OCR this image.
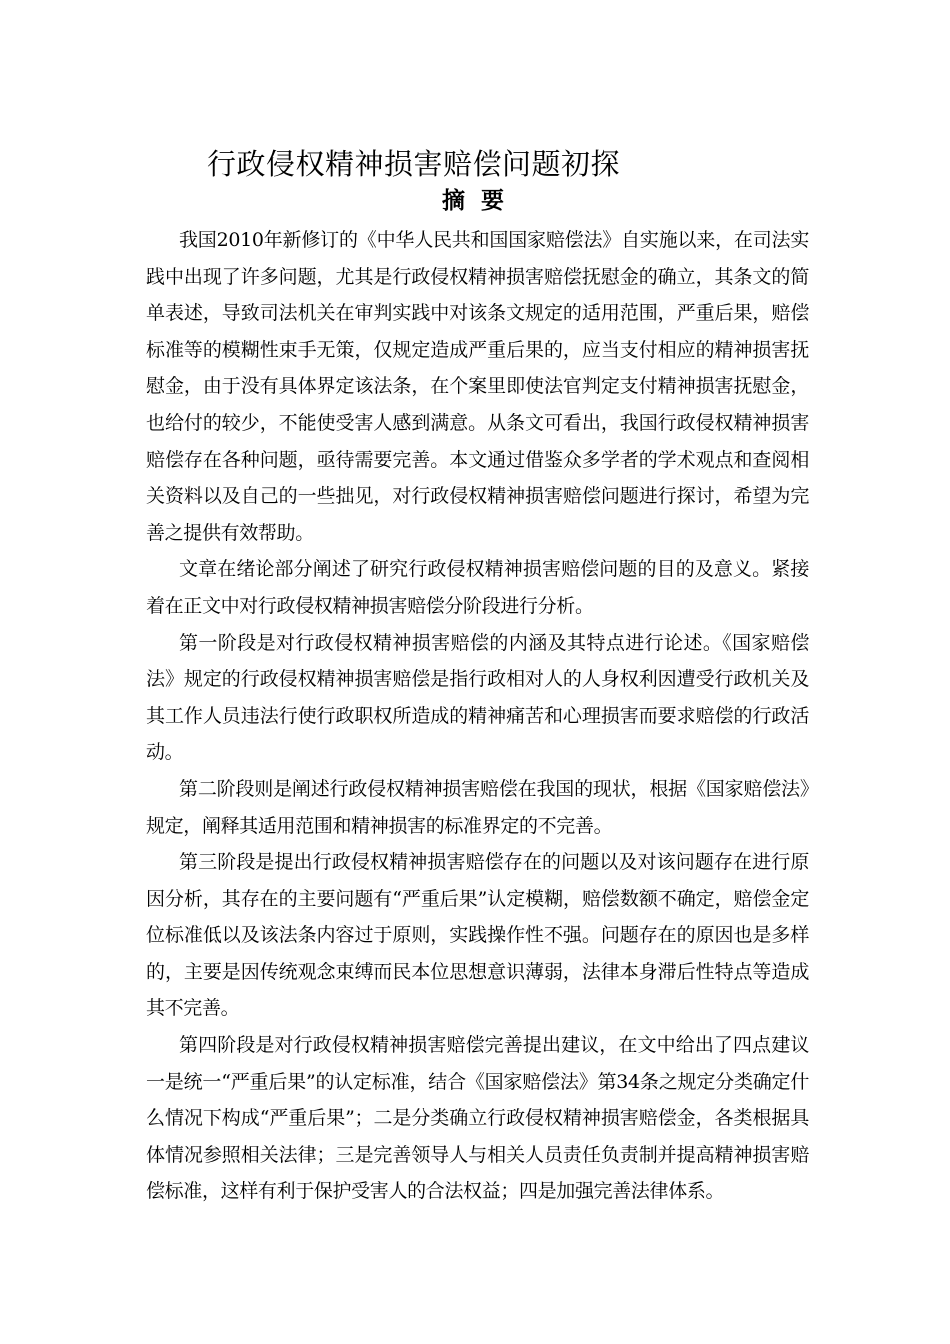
行政侵权精神损害赔偿问题初探
摘 要

我国2010年新修订的《中华人民共和国国家赔偿法》自实施以来，在司法实践中出现了许多问题，尤其是行政侵权精神损害赔偿抚慰金的确立，其条文的简单表述，导致司法机关在审判实践中对该条文规定的适用范围，严重后果，赔偿标准等的模糊性束手无策，仅规定造成严重后果的，应当支付相应的精神损害抚慰金，由于没有具体界定该法条，在个案里即使法官判定支付精神损害抚慰金，也给付的较少，不能使受害人感到满意。从条文可看出，我国行政侵权精神损害赔偿存在各种问题，亟待需要完善。本文通过借鉴众多学者的学术观点和查阅相关资料以及自己的一些拙见，对行政侵权精神损害赔偿问题进行探讨，希望为完善之提供有效帮助。

文章在绪论部分阐述了研究行政侵权精神损害赔偿问题的目的及意义。紧接着在正文中对行政侵权精神损害赔偿分阶段进行分析。

第一阶段是对行政侵权精神损害赔偿的内涵及其特点进行论述。《国家赔偿法》规定的行政侵权精神损害赔偿是指行政相对人的人身权利因遭受行政机关及其工作人员违法行使行政职权所造成的精神痛苦和心理损害而要求赔偿的行政活动。

第二阶段则是阐述行政侵权精神损害赔偿在我国的现状，根据《国家赔偿法》规定，阐释其适用范围和精神损害的标准界定的不完善。

第三阶段是提出行政侵权精神损害赔偿存在的问题以及对该问题存在进行原因分析，其存在的主要问题有“严重后果”认定模糊，赔偿数额不确定，赔偿金定位标准低以及该法条内容过于原则，实践操作性不强。问题存在的原因也是多样的，主要是因传统观念束缚而民本位思想意识薄弱，法律本身滞后性特点等造成其不完善。

第四阶段是对行政侵权精神损害赔偿完善提出建议，在文中给出了四点建议一是统一“严重后果”的认定标准，结合《国家赔偿法》第34条之规定分类确定什么情况下构成“严重后果”；二是分类确立行政侵权精神损害赔偿金，各类根据具体情况参照相关法律；三是完善领导人与相关人员责任负责制并提高精神损害赔偿标准，这样有利于保护受害人的合法权益；四是加强完善法律体系。
